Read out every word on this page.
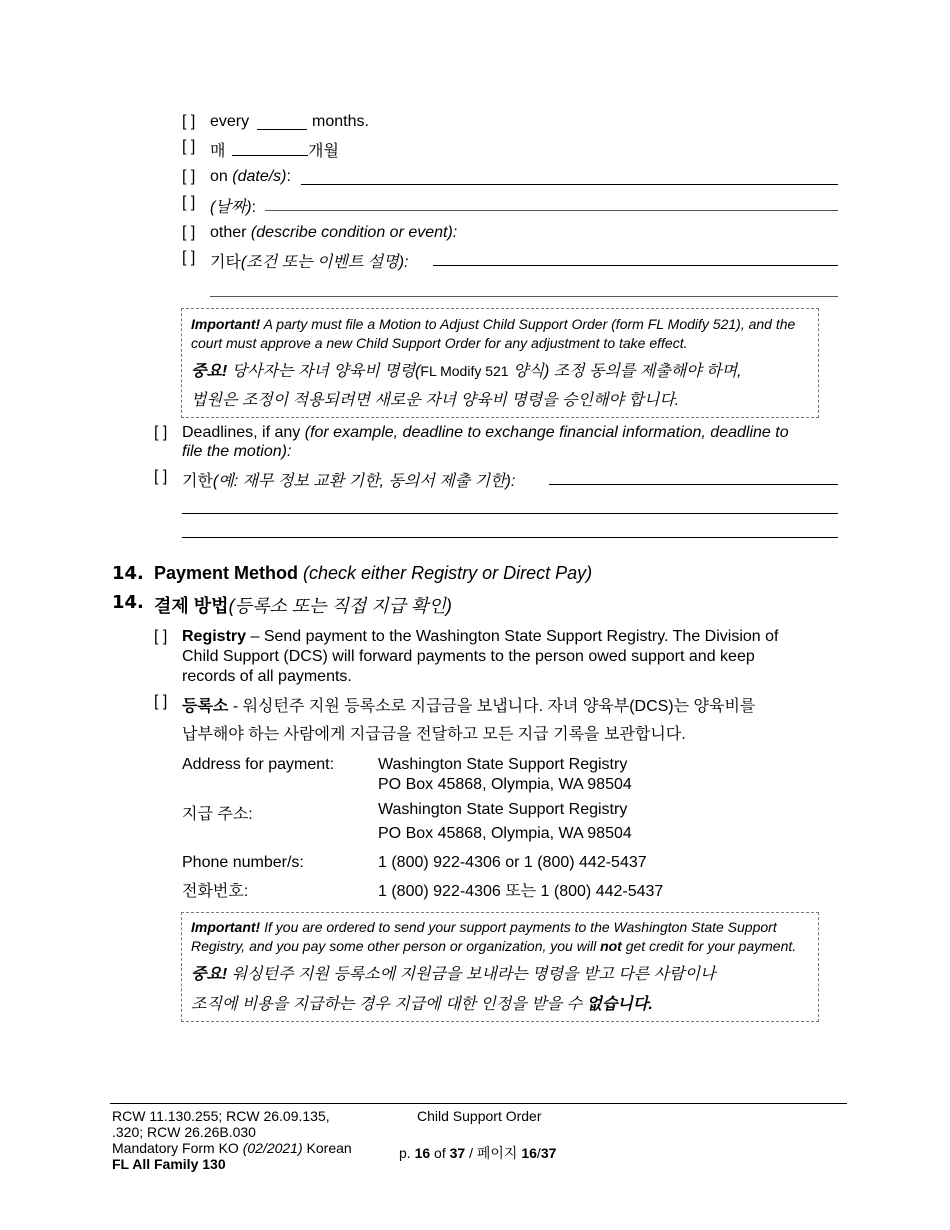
[ ] every	months.
[ ] 매	개월
[ ] on (date/s):
[ ] (날짜):
[ ] other (describe condition or event):
[ ] 기타(조건 또는 이벤트 설명):
Important! A party must file a Motion to Adjust Child Support Order (form FL Modify 521), and the
court must approve a new Child Support Order for any adjustment to take effect.
중요! 당사자는 자녀 양육비 명령(FL Modify 521 양식) 조정 동의를 제출해야 하며,
법원은 조정이 적용되려면 새로운 자녀 양육비 명령을 승인해야 합니다.
[ ] Deadlines, if any (for example, deadline to exchange financial information, deadline to
file the motion):
[ ] 기한(예: 재무 정보 교환 기한, 동의서 제출 기한):
14. Payment Method (check either Registry or Direct Pay)
14. 결제 방법(등록소 또는 직접 지급 확인)
[ ] Registry – Send payment to the Washington State Support Registry. The Division of
Child Support (DCS) will forward payments to the person owed support and keep
records of all payments.
[ ] 등록소 - 워싱턴주 지원 등록소로 지급금을 보냅니다. 자녀 양육부(DCS)는 양육비를
납부해야 하는 사람에게 지급금을 전달하고 모든 지급 기록을 보관합니다.
Address for payment:	Washington State Support Registry
PO Box 45868, Olympia, WA 98504
지급 주소:	Washington State Support Registry
PO Box 45868, Olympia, WA 98504
Phone number/s:	1 (800) 922-4306 or 1 (800) 442-5437
전화번호:	1 (800) 922-4306 또는 1 (800) 442-5437
Important! If you are ordered to send your support payments to the Washington State Support
Registry, and you pay some other person or organization, you will not get credit for your payment.
중요! 워싱턴주 지원 등록소에 지원금을 보내라는 명령을 받고 다른 사람이나
조직에 비용을 지급하는 경우 지급에 대한 인정을 받을 수 없습니다.
RCW 11.130.255; RCW 26.09.135,
.320; RCW 26.26B.030
Mandatory Form KO (02/2021) Korean
FL All Family 130
Child Support Order
p. 16 of 37 / 페이지 16/37
